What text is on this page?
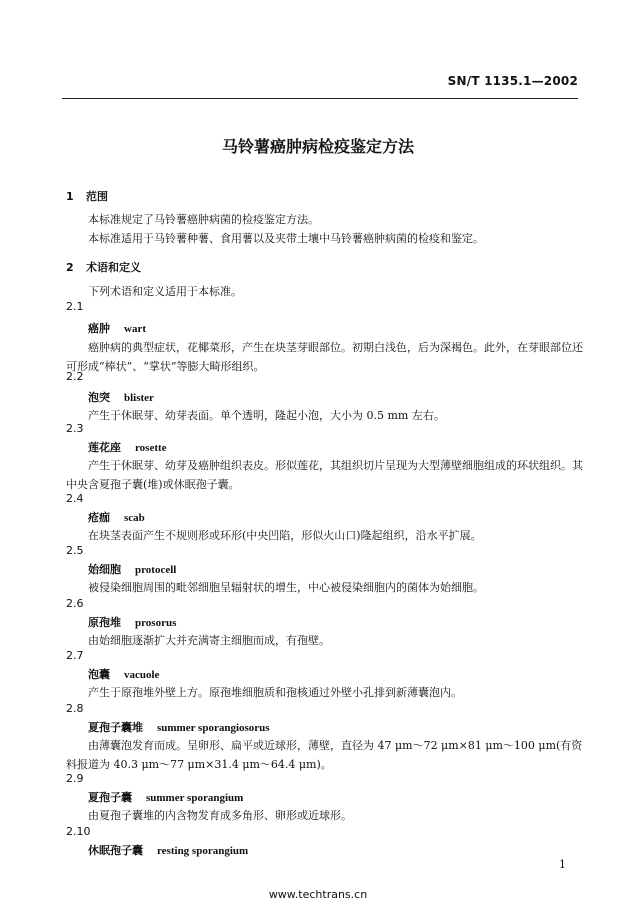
SN/T 1135.1—2002
马铃薯癌肿病检疫鉴定方法
1 范围
本标准规定了马铃薯癌肿病菌的检疫鉴定方法。
本标准适用于马铃薯种薯、食用薯以及夹带土壤中马铃薯癌肿病菌的检疫和鉴定。
2 术语和定义
下列术语和定义适用于本标准。
2.1
癌肿 wart
癌肿病的典型症状，花椰菜形，产生在块茎芽眼部位。初期白浅色，后为深褐色。此外，在芽眼部位还可形成“棒状”、“掌状”等膨大畸形组织。
2.2
泡突 blister
产生于休眠芽、幼芽表面。单个透明，隆起小泡，大小为 0.5 mm 左右。
2.3
莲花座 rosette
产生于休眠芽、幼芽及癌肿组织表皮。形似莲花，其组织切片呈现为大型薄壁细胞组成的环状组织。其中央含夏孢子囊(堆)或休眠孢子囊。
2.4
疮痂 scab
在块茎表面产生不规则形或环形(中央凹陷，形似火山口)隆起组织，沿水平扩展。
2.5
始细胞 protocell
被侵染细胞周围的毗邻细胞呈辐射状的增生，中心被侵染细胞内的菌体为始细胞。
2.6
原孢堆 prosorus
由始细胞逐渐扩大并充满寄主细胞而成，有孢壁。
2.7
泡囊 vacuole
产生于原孢堆外壁上方。原孢堆细胞质和孢核通过外壁小孔排到新薄囊泡内。
2.8
夏孢子囊堆 summer sporangiosorus
由薄囊泡发育而成。呈卵形、扁平或近球形，薄壁，直径为 47 μm～72 μm×81 μm～100 μm(有资料报道为 40.3 μm～77 μm×31.4 μm～64.4 μm)。
2.9
夏孢子囊 summer sporangium
由夏孢子囊堆的内含物发育成多角形、卵形或近球形。
2.10
休眠孢子囊 resting sporangium
1
www.techtrans.cn
